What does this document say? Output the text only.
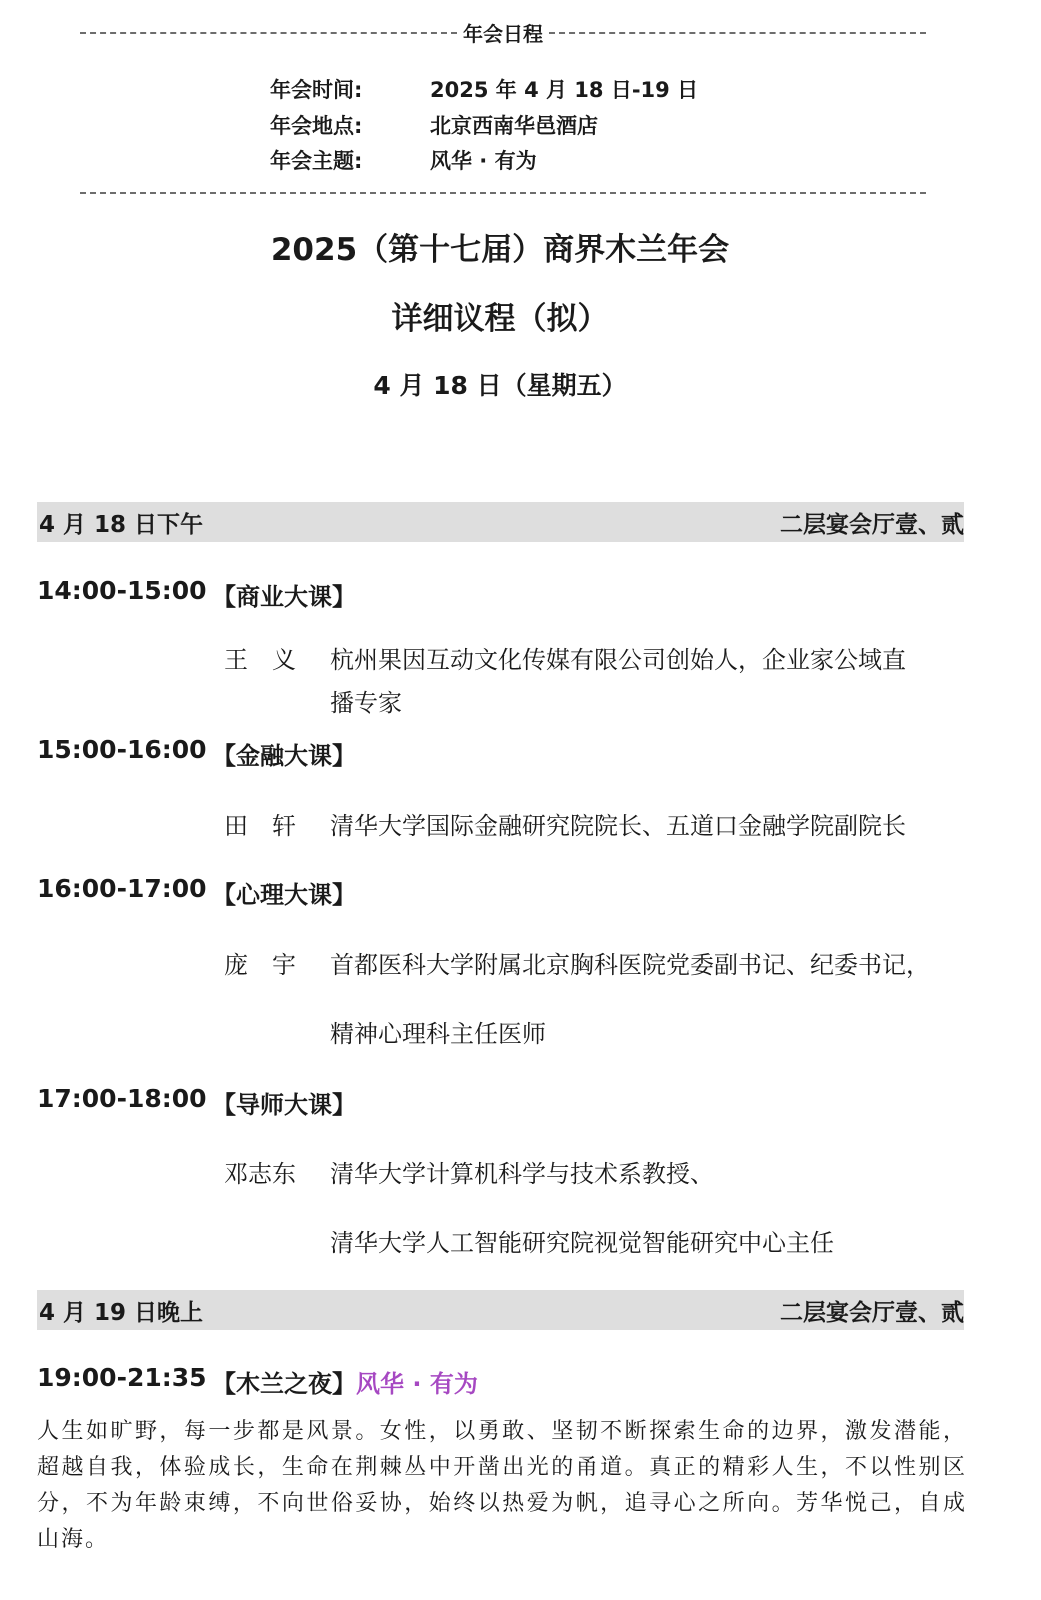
年会日程
年会时间:	2025 年 4 月 18 日-19 日
年会地点:	北京西南华邑酒店
年会主题:	风华 · 有为
2025（第十七届）商界木兰年会
详细议程（拟）
4 月 18 日（星期五）
4 月 18 日下午	二层宴会厅壹、贰
14:00-15:00 【商业大课】
王　义 杭州果因互动文化传媒有限公司创始人，企业家公域直
播专家
15:00-16:00 【金融大课】
田　轩 清华大学国际金融研究院院长、五道口金融学院副院长
16:00-17:00 【心理大课】
庞　宇 首都医科大学附属北京胸科医院党委副书记、纪委书记，
精神心理科主任医师
17:00-18:00 【导师大课】
邓志东 清华大学计算机科学与技术系教授、
清华大学人工智能研究院视觉智能研究中心主任
4 月 19 日晚上	二层宴会厅壹、贰
19:00-21:35 【木兰之夜】风华 · 有为
人生如旷野，每一步都是风景。女性，以勇敢、坚韧不断探索生命的边界，激发潜能，超越自我，体验成长，生命在荆棘丛中开凿出光的甬道。真正的精彩人生，不以性别区分，不为年龄束缚，不向世俗妥协，始终以热爱为帆，追寻心之所向。芳华悦己，自成山海。
